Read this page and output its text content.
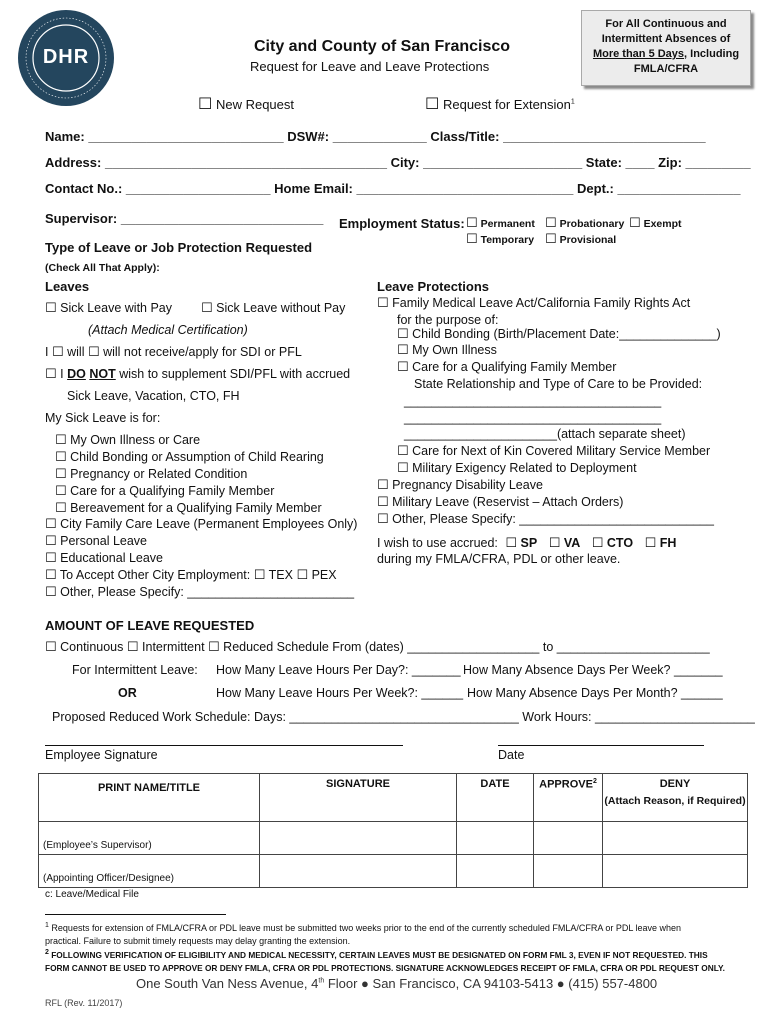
DHR	City and County of San Francisco
Request for Leave and Leave Protections
For All Continuous and
Intermittent Absences of
More than 5 Days, Including
FMLA/CFRA
☐ New Request	☐ Request for Extension$^1$
Name: ___________________________ DSW#: _____________ Class/Title: ____________________________
Address: _______________________________________ City: ______________________ State: ____ Zip: _________
Contact No.: ____________________ Home Email: ______________________________ Dept.: _________________
Supervisor: ____________________________ Employment Status: ☐ Permanent ☐ Probationary ☐ Exempt
☐ Temporary ☐ Provisional
Type of Leave or Job Protection Requested
(Check All That Apply):
Leaves
☐ Sick Leave with Pay ☐ Sick Leave without Pay
(Attach Medical Certification)
I ☐ will ☐ will not receive/apply for SDI or PFL
☐ I DO NOT wish to supplement SDI/PFL with accrued
Sick Leave, Vacation, CTO, FH
My Sick Leave is for:
☐ My Own Illness or Care
☐ Child Bonding or Assumption of Child Rearing
☐ Pregnancy or Related Condition
☐ Care for a Qualifying Family Member
☐ Bereavement for a Qualifying Family Member
☐ City Family Care Leave (Permanent Employees Only)
☐ Personal Leave
☐ Educational Leave
☐ To Accept Other City Employment: ☐ TEX ☐ PEX
☐ Other, Please Specify: ________________________
Leave Protections
☐ Family Medical Leave Act/California Family Rights Act
for the purpose of:
☐ Child Bonding (Birth/Placement Date:______________)
☐ My Own Illness
☐ Care for a Qualifying Family Member
State Relationship and Type of Care to be Provided:
_____________________________________
_____________________________________
______________________(attach separate sheet)
☐ Care for Next of Kin Covered Military Service Member
☐ Military Exigency Related to Deployment
☐ Pregnancy Disability Leave
☐ Military Leave (Reservist – Attach Orders)
☐ Other, Please Specify: ____________________________
I wish to use accrued: ☐ SP ☐ VA ☐ CTO ☐ FH
during my FMLA/CFRA, PDL or other leave.
AMOUNT OF LEAVE REQUESTED
☐ Continuous ☐ Intermittent ☐ Reduced Schedule From (dates) ___________________ to ______________________
For Intermittent Leave: How Many Leave Hours Per Day?: _______ How Many Absence Days Per Week? _______
OR	How Many Leave Hours Per Week?: ______ How Many Absence Days Per Month? ______
Proposed Reduced Work Schedule: Days: _________________________________ Work Hours: _______________________
Employee Signature	Date
PRINT NAME/TITLE	SIGNATURE	DATE	APPROVE$^2$	DENY
(Attach Reason, if Required)

(Employee’s Supervisor)				
(Appointing Officer/Designee)				
c: Leave/Medical File
$^1$ Requests for extension of FMLA/CFRA or PDL leave must be submitted two weeks prior to the end of the currently scheduled FMLA/CFRA or PDL leave when
practical. Failure to submit timely requests may delay granting the extension.
$^2$ FOLLOWING VERIFICATION OF ELIGIBILITY AND MEDICAL NECESSITY, CERTAIN LEAVES MUST BE DESIGNATED ON FORM FML 3, EVEN IF NOT REQUESTED. THIS
FORM CANNOT BE USED TO APPROVE OR DENY FMLA, CFRA OR PDL PROTECTIONS. SIGNATURE ACKNOWLEDGES RECEIPT OF FMLA, CFRA OR PDL REQUEST ONLY.
One South Van Ness Avenue, 4th Floor ● San Francisco, CA 94103-5413 ● (415) 557-4800
RFL (Rev. 11/2017)
